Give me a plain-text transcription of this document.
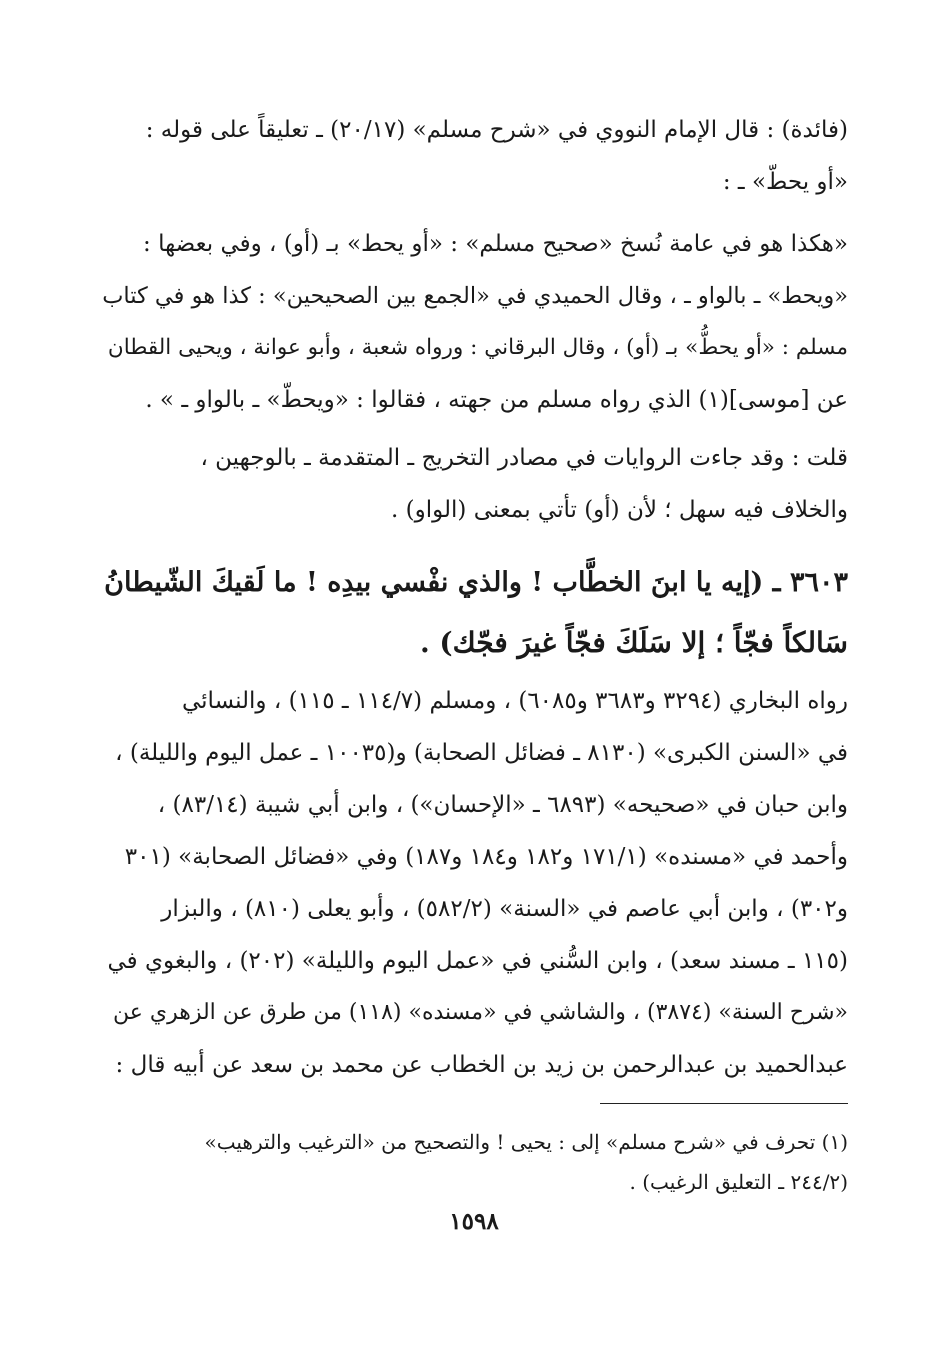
(فائدة) : قال الإمام النووي في «شرح مسلم» (٢٠/١٧) ـ تعليقاً على قوله :
«أو يحطّ» ـ :
«هكذا هو في عامة نُسخ «صحيح مسلم» : «أو يحط» بـ (أو) ، وفي بعضها :
«ويحط» ـ بالواو ـ ، وقال الحميدي في «الجمع بين الصحيحين» : كذا هو في كتاب
مسلم : «أو يحطُّ» بـ (أو) ، وقال البرقاني : ورواه شعبة ، وأبو عوانة ، ويحيى القطان
عن [موسى](١) الذي رواه مسلم من جهته ، فقالوا : «ويحطّ» ـ بالواو ـ » .
قلت : وقد جاءت الروايات في مصادر التخريج ـ المتقدمة ـ بالوجهين ،
والخلاف فيه سهل ؛ لأن (أو) تأتي بمعنى (الواو) .
٣٦٠٣ ـ (إيه يا ابنَ الخطَّاب ! والذي نفْسي بيدِه ! ما لَقيكَ الشّيطانُ
سَالكاً فجّاً ؛ إلا سَلَكَ فجّاً غيرَ فجّك) .
رواه البخاري (٣٢٩٤ و٣٦٨٣ و٦٠٨٥) ، ومسلم (١١٤/٧ ـ ١١٥) ، والنسائي
في «السنن الكبرى» (٨١٣٠ ـ فضائل الصحابة) و(١٠٠٣٥ ـ عمل اليوم والليلة) ،
وابن حبان في «صحيحه» (٦٨٩٣ ـ «الإحسان») ، وابن أبي شيبة (٨٣/١٤) ،
وأحمد في «مسنده» (١٧١/١ و١٨٢ و١٨٤ و١٨٧) وفي «فضائل الصحابة» (٣٠١
و٣٠٢) ، وابن أبي عاصم في «السنة» (٥٨٢/٢) ، وأبو يعلى (٨١٠) ، والبزار
(١١٥ ـ مسند سعد) ، وابن السُّني في «عمل اليوم والليلة» (٢٠٢) ، والبغوي في
«شرح السنة» (٣٨٧٤) ، والشاشي في «مسنده» (١١٨) من طرق عن الزهري عن
عبدالحميد بن عبدالرحمن بن زيد بن الخطاب عن محمد بن سعد عن أبيه قال :
(١) تحرف في «شرح مسلم» إلى : يحيى ! والتصحيح من «الترغيب والترهيب»
(٢٤٤/٢ ـ التعليق الرغيب) .
١٥٩٨
